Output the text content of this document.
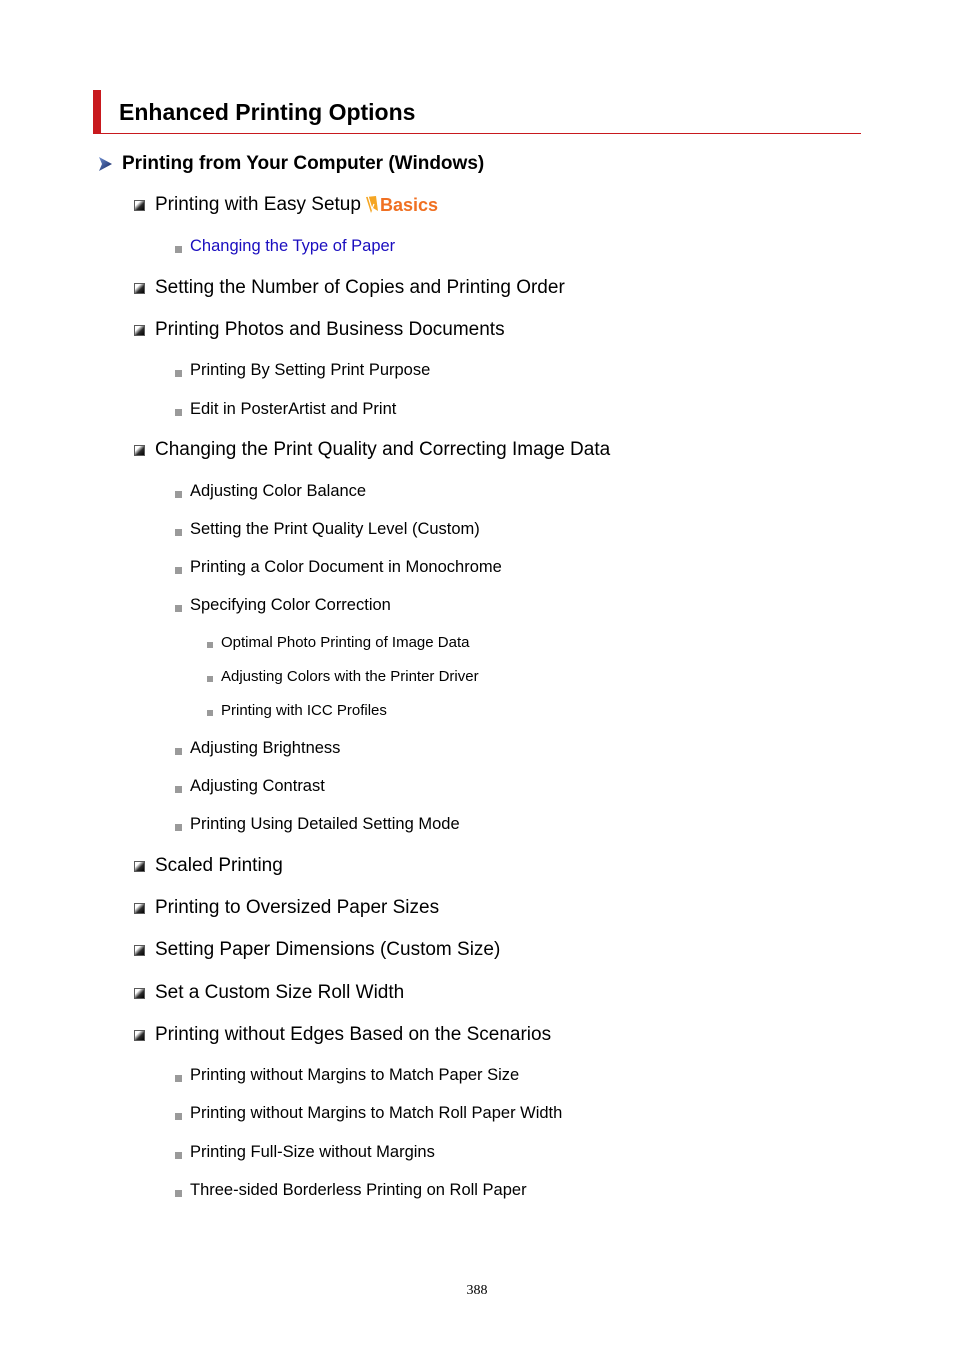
Enhanced Printing Options
Printing from Your Computer (Windows)
Printing with Easy Setup Basics
Changing the Type of Paper
Setting the Number of Copies and Printing Order
Printing Photos and Business Documents
Printing By Setting Print Purpose
Edit in PosterArtist and Print
Changing the Print Quality and Correcting Image Data
Adjusting Color Balance
Setting the Print Quality Level (Custom)
Printing a Color Document in Monochrome
Specifying Color Correction
Optimal Photo Printing of Image Data
Adjusting Colors with the Printer Driver
Printing with ICC Profiles
Adjusting Brightness
Adjusting Contrast
Printing Using Detailed Setting Mode
Scaled Printing
Printing to Oversized Paper Sizes
Setting Paper Dimensions (Custom Size)
Set a Custom Size Roll Width
Printing without Edges Based on the Scenarios
Printing without Margins to Match Paper Size
Printing without Margins to Match Roll Paper Width
Printing Full-Size without Margins
Three-sided Borderless Printing on Roll Paper
388
